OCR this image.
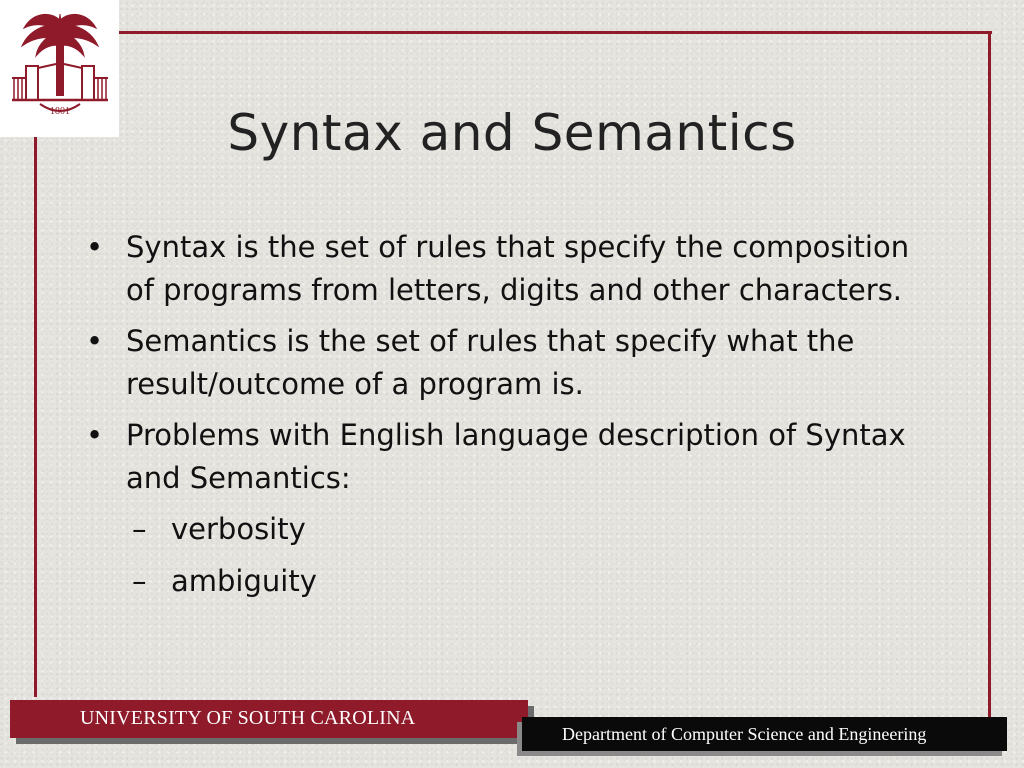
1801	Syntax and Semantics
• Syntax is the set of rules that specify the composition of programs from letters, digits and other characters.
• Semantics is the set of rules that specify what the result/outcome of a program is.
• Problems with English language description of Syntax and Semantics:
– verbosity
– ambiguity
UNIVERSITY OF SOUTH CAROLINA
Department of Computer Science and Engineering
